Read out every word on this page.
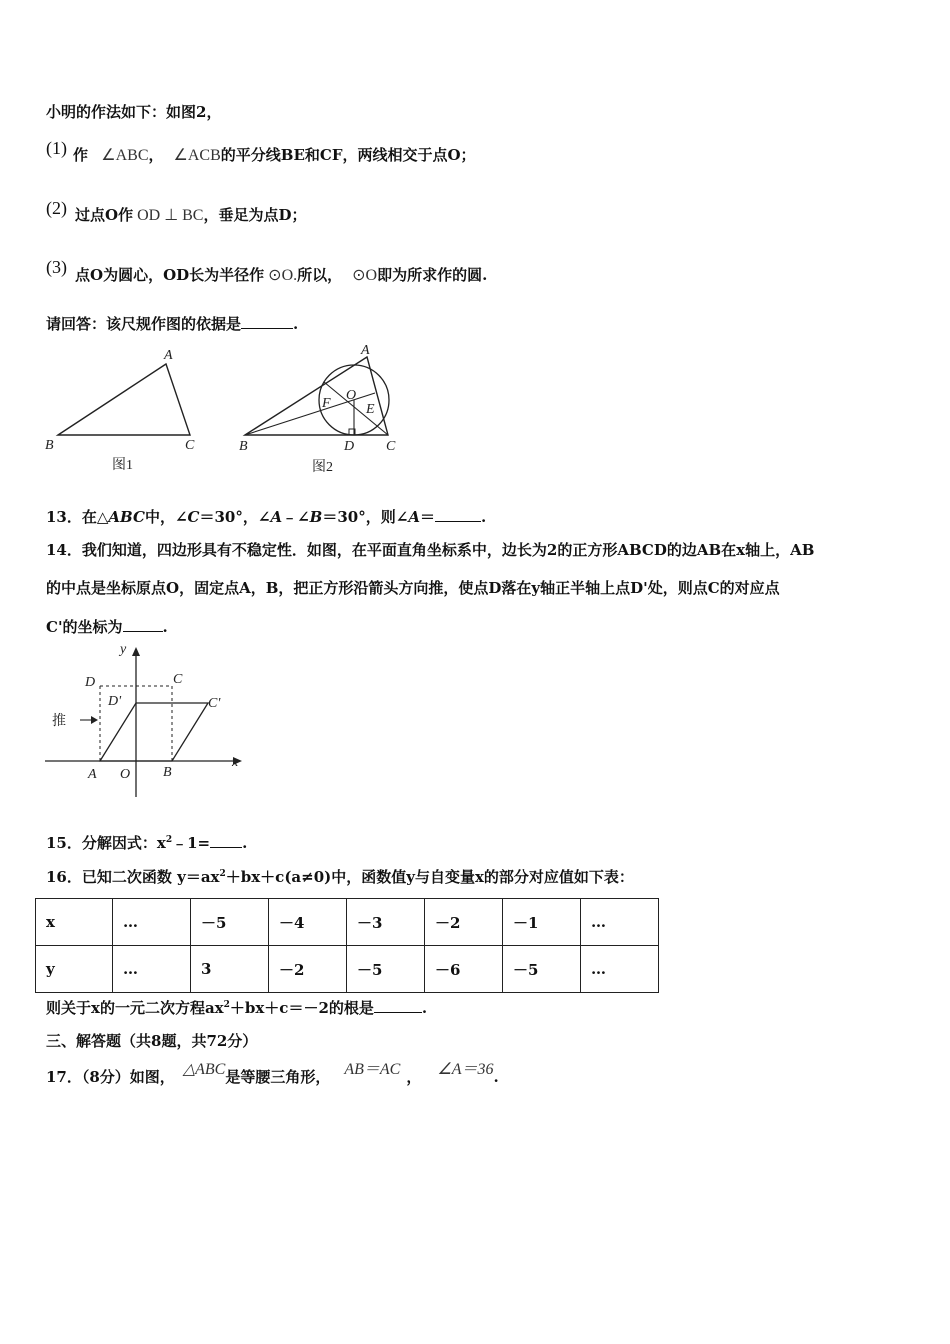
小明的作法如下：如图2，
(1) 作 ∠ABC， ∠ACB的平分线BE和CF，两线相交于点O；
(2) 过点O作 OD ⊥ BC，垂足为点D；
(3) 点O为圆心，OD长为半径作 ⊙O.所以， ⊙O即为所求作的圆.
请回答：该尺规作图的依据是	.
A
B	C
图1
A
B	C
D
O
E
F
图2
13．在△ABC中，∠C＝30°，∠A﹣∠B＝30°，则∠A＝	.
14．我们知道，四边形具有不稳定性．如图，在平面直角坐标系中，边长为2的正方形ABCD的边AB在x轴上，AB
的中点是坐标原点O，固定点A，B，把正方形沿箭头方向推，使点D落在y轴正半轴上点D'处，则点C的对应点
C'的坐标为	.
推
y
x
D	C
D'	C'
A O B
15．分解因式：$x^2﹣1=$ .
16．已知二次函数 $y=ax^2+bx+c(a\ne 0)$中，函数值y与自变量x的部分对应值如下表：
x	…	－5	－4	－3	－2	－1	…
y	…	3	－2	－5	－6	－5	…
则关于x的一元二次方程$ax^2+bx+c=-2$的根是	.
三、解答题（共8题，共72分）
17．（8分）如图， △ABC是等腰三角形， AB＝AC ， ∠A＝36.
